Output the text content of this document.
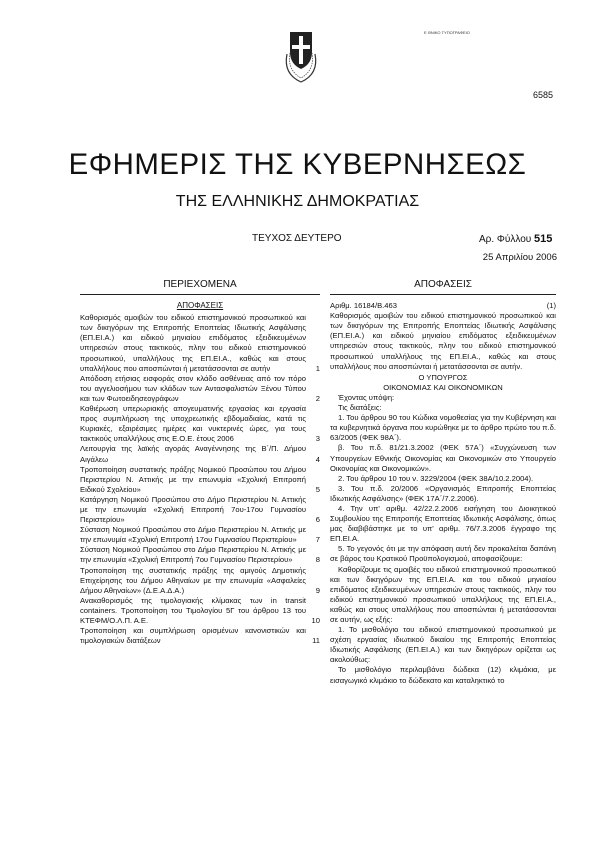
Ε ΘΝΙΚΟ ΤΥΠΟΓΡΑΦΕΙΟ
6585
ΕΦΗΜΕΡΙΣ ΤΗΣ ΚΥΒΕΡΝΗΣΕΩΣ
ΤΗΣ ΕΛΛΗΝΙΚΗΣ ΔΗΜΟΚΡΑΤΙΑΣ
ΤΕΥΧΟΣ ΔΕΥΤΕΡΟ	Αρ. Φύλλου 515
25 Απριλίου 2006
ΠΕΡΙΕΧΟΜΕΝΑ
ΑΠΟΦΑΣΕΙΣ
Καθορισμός αμοιβών του ειδικού επιστημονικού προσωπικού και των δικηγόρων της Επιτροπής Εποπτείας Ιδιωτικής Ασφάλισης (ΕΠ.ΕΙ.Α.) και ειδικού μηνιαίου επιδόματος εξειδικευμένων υπηρεσιών στους τακτικούς, πλην του ειδικού επιστημονικού προσωπικού, υπαλλήλους της ΕΠ.ΕΙ.Α., καθώς και στους υπαλλήλους που αποσπώνται ή μετατάσσονται σε αυτήν	1
Απόδοση ετήσιας εισφοράς στον κλάδο ασθένειας από τον πόρο του αγγελιοσήμου των κλάδων των Αντασφαλιστών Ξένου Τύπου και των Φωτοειδησεογράφων	2
Καθιέρωση υπερωριακής απογευματινής εργασίας και εργασία προς συμπλήρωση της υποχρεωτικής εβδομαδιαίας, κατά τις Κυριακές, εξαιρέσιμες ημέρες και νυκτερινές ώρες, για τους τακτικούς υπαλλήλους στις Ε.Ο.Ε. έτους 2006	3
Λειτουργία της λαϊκής αγοράς Αναγέννησης της Β΄/Π. Δήμου Αιγάλεω	4
Τροποποίηση συστατικής πράξης Νομικού Προσώπου του Δήμου Περιστερίου Ν. Αττικής με την επωνυμία «Σχολική Επιτροπή Ειδικού Σχολείου»	5
Κατάργηση Νομικού Προσώπου στο Δήμο Περιστερίου Ν. Αττικής με την επωνυμία «Σχολική Επιτροπή 7ου-17ου Γυμνασίου Περιστερίου»	6
Σύσταση Νομικού Προσώπου στο Δήμο Περιστερίου Ν. Αττικής με την επωνυμία «Σχολική Επιτροπή 17ου Γυμνασίου Περιστερίου»	7
Σύσταση Νομικού Προσώπου στο Δήμο Περιστερίου Ν. Αττικής με την επωνυμία «Σχολική Επιτροπή 7ου Γυμνασίου Περιστερίου»	8
Τροποποίηση της συστατικής πράξης της αμιγούς Δημοτικής Επιχείρησης του Δήμου Αθηναίων με την επωνυμία «Ασφαλείες Δήμου Αθηναίων» (Δ.Ε.Α.Δ.Α.)	9
Ανακαθορισμός της τιμολογιακής κλίμακας των in transit containers. Τροποποίηση του Τιμολογίου 5Γ του άρθρου 13 του ΚΤΕΦΜ/Ο.Λ.Π. Α.Ε.	10
Τροποποίηση και συμπλήρωση ορισμένων κανονιστικών και τιμολογιακών διατάξεων	11
ΑΠΟΦΑΣΕΙΣ
Αριθμ. 16184/Β.463	(1)

Καθορισμός αμοιβών του ειδικού επιστημονικού προσωπικού και των δικηγόρων της Επιτροπής Εποπτείας Ιδιωτικής Ασφάλισης (ΕΠ.ΕΙ.Α.) και ειδικού μηνιαίου επιδόματος εξειδικευμένων υπηρεσιών στους τακτικούς, πλην του ειδικού επιστημονικού προσωπικού υπαλλήλους της ΕΠ.ΕΙ.Α., καθώς και στους υπαλλήλους που αποσπώνται ή μετατάσσονται σε αυτήν.

Ο ΥΠΟΥΡΓΟΣ
ΟΙΚΟΝΟΜΙΑΣ ΚΑΙ ΟΙΚΟΝΟΜΙΚΩΝ

Έχοντας υπόψη:

Τις διατάξεις:

1. Του άρθρου 90 του Κώδικα νομοθεσίας για την Κυβέρνηση και τα κυβερνητικά όργανα που κυρώθηκε με το άρθρο πρώτο του π.δ. 63/2005 (ΦΕΚ 98Α΄).

β. Του π.δ. 81/21.3.2002 (ΦΕΚ 57Α΄) «Συγχώνευση των Υπουργείων Εθνικής Οικονομίας και Οικονομικών στο Υπουργείο Οικονομίας και Οικονομικών».

2. Του άρθρου 10 του ν. 3229/2004 (ΦΕΚ 38Α/10.2.2004).

3. Του π.δ. 20/2006 «Οργανισμός Επιτροπής Εποπτείας Ιδιωτικής Ασφάλισης» (ΦΕΚ 17Α΄/7.2.2006).

4. Την υπ' αριθμ. 42/22.2.2006 εισήγηση του Διοικητικού Συμβουλίου της Επιτροπής Εποπτείας Ιδιωτικής Ασφάλισης, όπως μας διαβιβάστηκε με το υπ' αριθμ. 76/7.3.2006 έγγραφο της ΕΠ.ΕΙ.Α.

5. Το γεγονός ότι με την απόφαση αυτή δεν προκαλείται δαπάνη σε βάρος του Κρατικού Προϋπολογισμού, αποφασίζουμε:

Καθορίζουμε τις αμοιβές του ειδικού επιστημονικού προσωπικού και των δικηγόρων της ΕΠ.ΕΙ.Α. και του ειδικού μηνιαίου επιδόματος εξειδικευμένων υπηρεσιών στους τακτικούς, πλην του ειδικού επιστημονικού προσωπικού υπαλλήλους της ΕΠ.ΕΙ.Α., καθώς και στους υπαλλήλους που αποσπώνται ή μετατάσσονται σε αυτήν, ως εξής:

1. Το μισθολόγιο του ειδικού επιστημονικού προσωπικού με σχέση εργασίας ιδιωτικού δικαίου της Επιτροπής Εποπτείας Ιδιωτικής Ασφάλισης (ΕΠ.ΕΙ.Α.) και των δικηγόρων ορίζεται ως ακολούθως:

Το μισθολόγιο περιλαμβάνει δώδεκα (12) κλιμάκια, με εισαγωγικό κλιμάκιο το δώδεκατο και καταληκτικό το
